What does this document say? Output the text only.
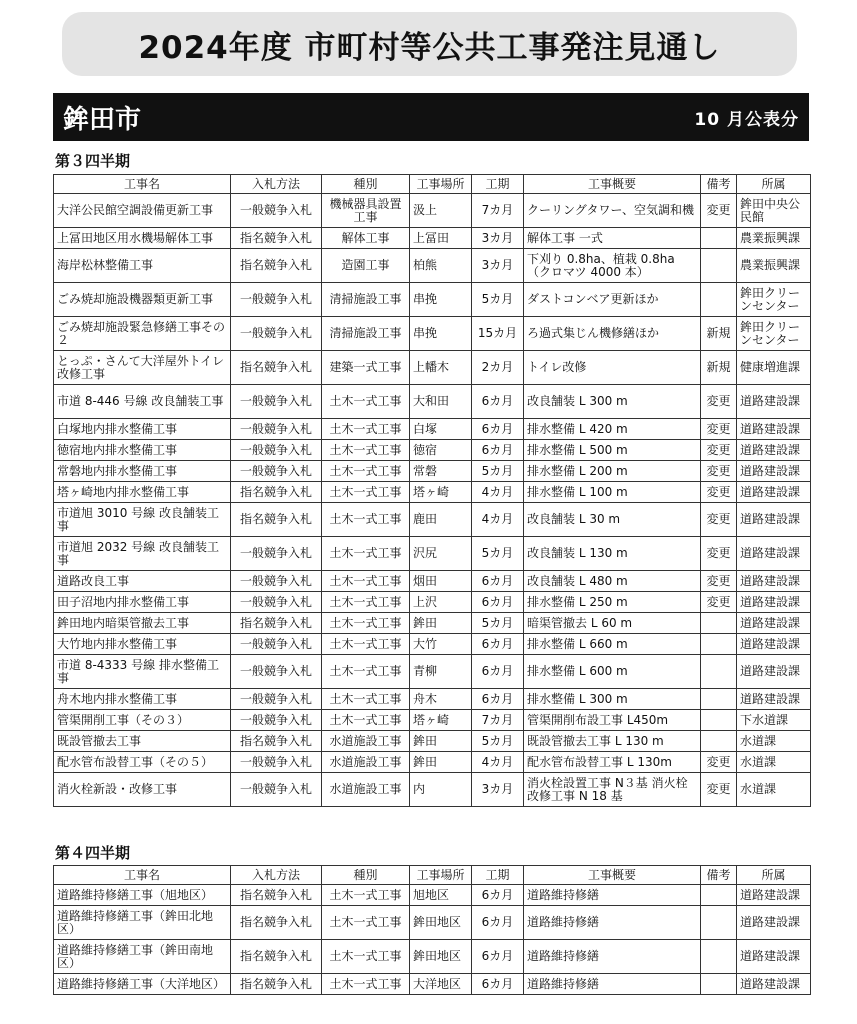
2024年度 市町村等公共工事発注見通し
鉾田市	10 月公表分
第３四半期
工事名	入札方法	種別	工事場所	工期	工事概要	備考	所属
大洋公民館空調設備更新工事	一般競争入札	機械器具設置工事	汲上	7カ月	クーリングタワー、空気調和機	変更	鉾田中央公民館
上冨田地区用水機場解体工事	指名競争入札	解体工事	上冨田	3カ月	解体工事 一式		農業振興課
海岸松林整備工事	指名競争入札	造園工事	柏熊	3カ月	下刈り 0.8ha、植栽 0.8ha（クロマツ 4000 本）		農業振興課
ごみ焼却施設機器類更新工事	一般競争入札	清掃施設工事	串挽	5カ月	ダストコンベア更新ほか		鉾田クリーンセンター
ごみ焼却施設緊急修繕工事その２	一般競争入札	清掃施設工事	串挽	15カ月	ろ過式集じん機修繕ほか	新規	鉾田クリーンセンター
とっぷ・さんて大洋屋外トイレ改修工事	指名競争入札	建築一式工事	上幡木	2カ月	トイレ改修	新規	健康増進課
市道 8-446 号線 改良舗装工事	一般競争入札	土木一式工事	大和田	6カ月	改良舗装 L 300 m	変更	道路建設課
白塚地内排水整備工事	一般競争入札	土木一式工事	白塚	6カ月	排水整備 L 420 m	変更	道路建設課
徳宿地内排水整備工事	一般競争入札	土木一式工事	徳宿	6カ月	排水整備 L 500 m	変更	道路建設課
常磐地内排水整備工事	一般競争入札	土木一式工事	常磐	5カ月	排水整備 L 200 m	変更	道路建設課
塔ヶ崎地内排水整備工事	指名競争入札	土木一式工事	塔ヶ崎	4カ月	排水整備 L 100 m	変更	道路建設課
市道旭 3010 号線 改良舗装工事	指名競争入札	土木一式工事	鹿田	4カ月	改良舗装 L 30 m	変更	道路建設課
市道旭 2032 号線 改良舗装工事	一般競争入札	土木一式工事	沢尻	5カ月	改良舗装 L 130 m	変更	道路建設課
道路改良工事	一般競争入札	土木一式工事	烟田	6カ月	改良舗装 L 480 m	変更	道路建設課
田子沼地内排水整備工事	一般競争入札	土木一式工事	上沢	6カ月	排水整備 L 250 m	変更	道路建設課
鉾田地内暗渠管撤去工事	指名競争入札	土木一式工事	鉾田	5カ月	暗渠管撤去 L 60 m		道路建設課
大竹地内排水整備工事	一般競争入札	土木一式工事	大竹	6カ月	排水整備 L 660 m		道路建設課
市道 8-4333 号線 排水整備工事	一般競争入札	土木一式工事	青柳	6カ月	排水整備 L 600 m		道路建設課
舟木地内排水整備工事	一般競争入札	土木一式工事	舟木	6カ月	排水整備 L 300 m		道路建設課
管渠開削工事（その３）	一般競争入札	土木一式工事	塔ヶ崎	7カ月	管渠開削布設工事 L450m		下水道課
既設管撤去工事	指名競争入札	水道施設工事	鉾田	5カ月	既設管撤去工事 L 130 m		水道課
配水管布設替工事（その５）	一般競争入札	水道施設工事	鉾田	4カ月	配水管布設替工事 L 130m	変更	水道課
消火栓新設・改修工事	一般競争入札	水道施設工事	内	3カ月	消火栓設置工事 N３基 消火栓改修工事 N 18 基	変更	水道課
第４四半期
工事名	入札方法	種別	工事場所	工期	工事概要	備考	所属
道路維持修繕工事（旭地区）	指名競争入札	土木一式工事	旭地区	6カ月	道路維持修繕		道路建設課
道路維持修繕工事（鉾田北地区）	指名競争入札	土木一式工事	鉾田地区	6カ月	道路維持修繕		道路建設課
道路維持修繕工事（鉾田南地区）	指名競争入札	土木一式工事	鉾田地区	6カ月	道路維持修繕		道路建設課
道路維持修繕工事（大洋地区）	指名競争入札	土木一式工事	大洋地区	6カ月	道路維持修繕		道路建設課
